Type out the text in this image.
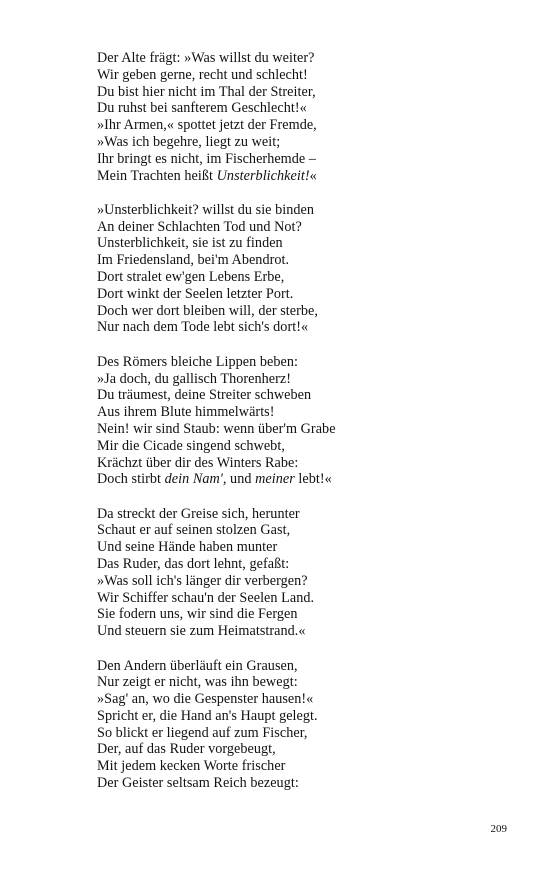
Der Alte frägt: »Was willst du weiter?
Wir geben gerne, recht und schlecht!
Du bist hier nicht im Thal der Streiter,
Du ruhst bei sanfterem Geschlecht!«
»Ihr Armen,« spottet jetzt der Fremde,
»Was ich begehre, liegt zu weit;
Ihr bringt es nicht, im Fischerhemde –
Mein Trachten heißt Unsterblichkeit!«
»Unsterblichkeit? willst du sie binden
An deiner Schlachten Tod und Not?
Unsterblichkeit, sie ist zu finden
Im Friedensland, bei'm Abendrot.
Dort stralet ew'gen Lebens Erbe,
Dort winkt der Seelen letzter Port.
Doch wer dort bleiben will, der sterbe,
Nur nach dem Tode lebt sich's dort!«
Des Römers bleiche Lippen beben:
»Ja doch, du gallisch Thorenherz!
Du träumest, deine Streiter schweben
Aus ihrem Blute himmelwärts!
Nein! wir sind Staub: wenn über'm Grabe
Mir die Cicade singend schwebt,
Krächzt über dir des Winters Rabe:
Doch stirbt dein Nam', und meiner lebt!«
Da streckt der Greise sich, herunter
Schaut er auf seinen stolzen Gast,
Und seine Hände haben munter
Das Ruder, das dort lehnt, gefaßt:
»Was soll ich's länger dir verbergen?
Wir Schiffer schau'n der Seelen Land.
Sie fodern uns, wir sind die Fergen
Und steuern sie zum Heimatstrand.«
Den Andern überläuft ein Grausen,
Nur zeigt er nicht, was ihn bewegt:
»Sag' an, wo die Gespenster hausen!«
Spricht er, die Hand an's Haupt gelegt.
So blickt er liegend auf zum Fischer,
Der, auf das Ruder vorgebeugt,
Mit jedem kecken Worte frischer
Der Geister seltsam Reich bezeugt:
209
